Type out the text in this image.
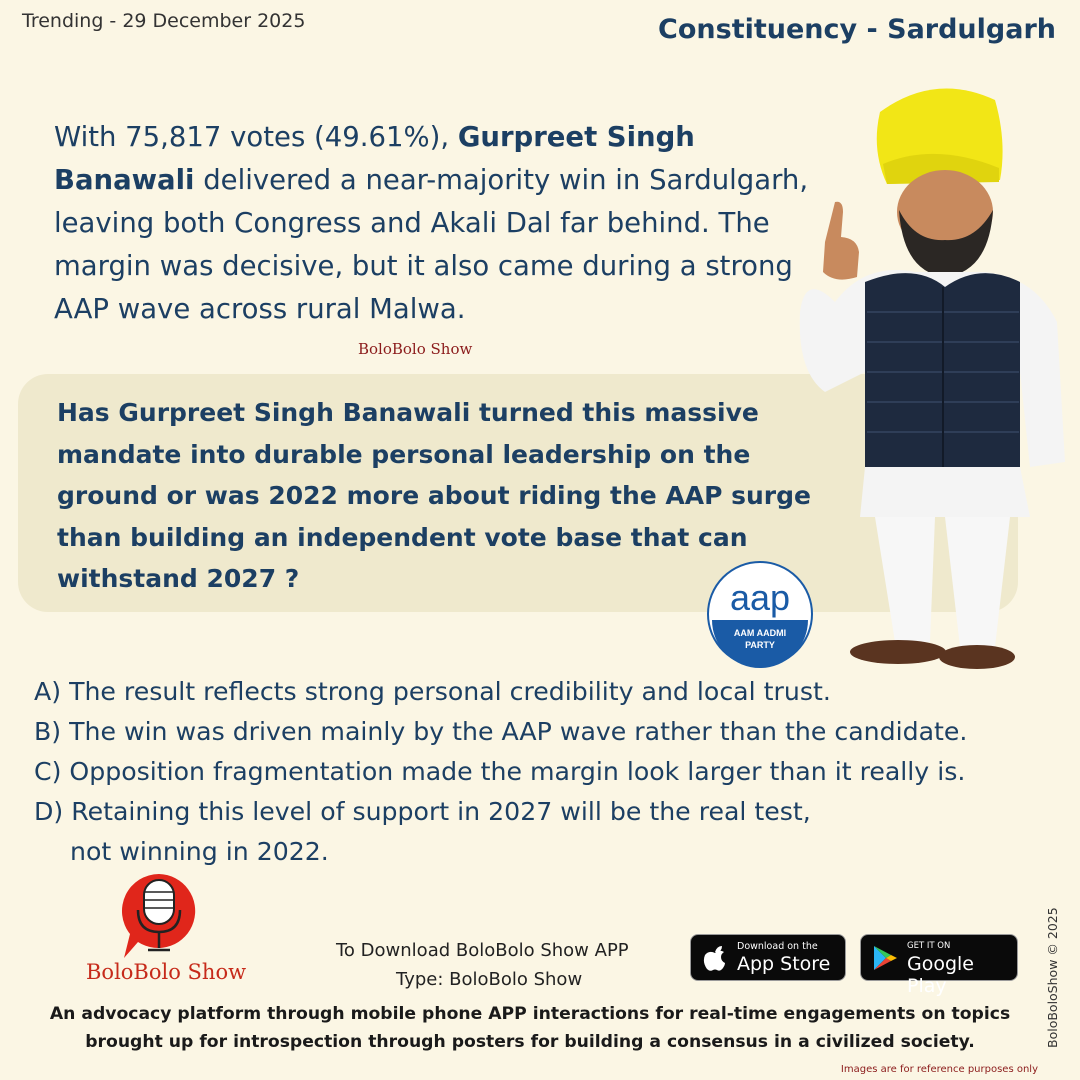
Trending - 29 December 2025	Constituency - Sardulgarh
With 75,817 votes (49.61%), Gurpreet Singh Banawali delivered a near-majority win in Sardulgarh, leaving both Congress and Akali Dal far behind. The margin was decisive, but it also came during a strong AAP wave across rural Malwa.
BoloBolo Show
Has Gurpreet Singh Banawali turned this massive mandate into durable personal leadership on the ground or was 2022 more about riding the AAP surge than building an independent vote base that can withstand 2027 ?	aap
AAM AADMI
PARTY
A) The result reflects strong personal credibility and local trust.
B) The win was driven mainly by the AAP wave rather than the candidate.
C) Opposition fragmentation made the margin look larger than it really is.
D) Retaining this level of support in 2027 will be the real test,
not winning in 2022.
BoloBolo Show
To Download BoloBolo Show APP
Type: BoloBolo Show
Download on the
App Store
GET IT ON
Google Play
An advocacy platform through mobile phone APP interactions for real-time engagements on topics brought up for introspection through posters for building a consensus in a civilized society.	BoloBoloShow © 2025
Images are for reference purposes only
